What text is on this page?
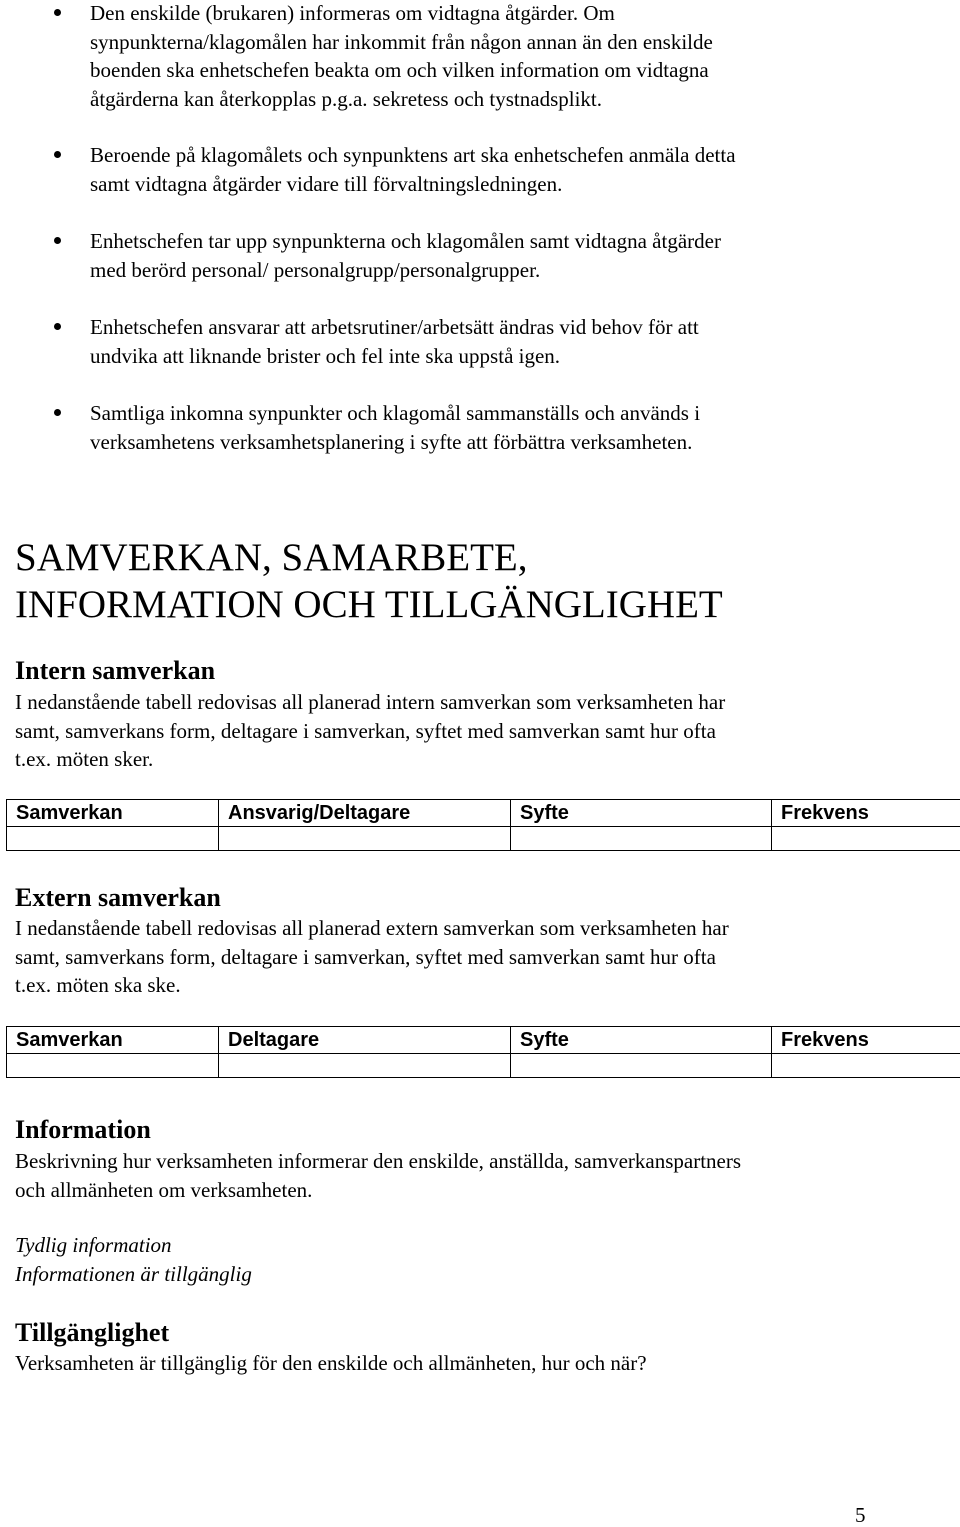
Den enskilde (brukaren) informeras om vidtagna åtgärder. Om
synpunkterna/klagomålen har inkommit från någon annan än den enskilde
boenden ska enhetschefen beakta om och vilken information om vidtagna
åtgärderna kan återkopplas p.g.a. sekretess och tystnadsplikt.
Beroende på klagomålets och synpunktens art ska enhetschefen anmäla detta
samt vidtagna åtgärder vidare till förvaltningsledningen.
Enhetschefen tar upp synpunkterna och klagomålen samt vidtagna åtgärder
med berörd personal/ personalgrupp/personalgrupper.
Enhetschefen ansvarar att arbetsrutiner/arbetsätt ändras vid behov för att
undvika att liknande brister och fel inte ska uppstå igen.
Samtliga inkomna synpunkter och klagomål sammanställs och används i
verksamhetens verksamhetsplanering i syfte att förbättra verksamheten.
SAMVERKAN, SAMARBETE,
INFORMATION OCH TILLGÄNGLIGHET
Intern samverkan

I nedanstående tabell redovisas all planerad intern samverkan som verksamheten har
samt, samverkans form, deltagare i samverkan, syftet med samverkan samt hur ofta
t.ex. möten sker.

Samverkan	Ansvarig/Deltagare	Syfte	Frekvens

Extern samverkan

I nedanstående tabell redovisas all planerad extern samverkan som verksamheten har
samt, samverkans form, deltagare i samverkan, syftet med samverkan samt hur ofta
t.ex. möten ska ske.

Samverkan	Deltagare	Syfte	Frekvens

Information

Beskrivning hur verksamheten informerar den enskilde, anställda, samverkanspartners
och allmänheten om verksamheten.

Tydlig information

Informationen är tillgänglig

Tillgänglighet

Verksamheten är tillgänglig för den enskilde och allmänheten, hur och när?

5
